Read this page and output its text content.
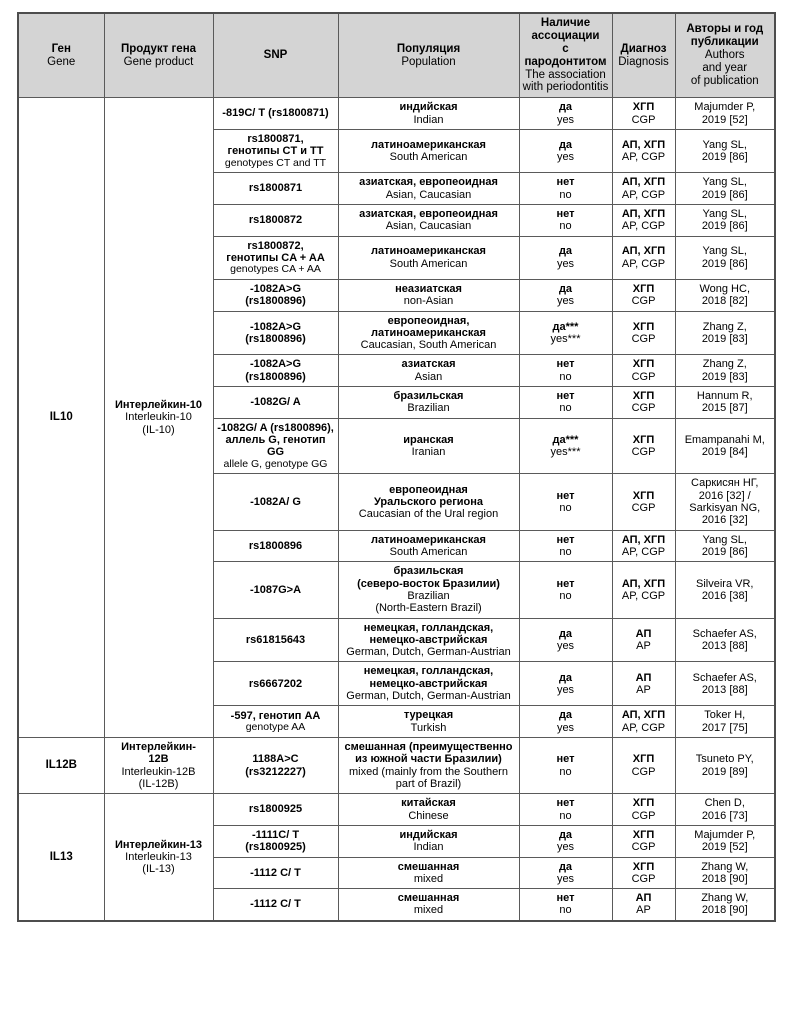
Ген
Gene	Продукт гена
Gene product	SNP	Популяция
Population	Наличие
ассоциации
с пародонтитом
The association
with periodontitis	Диагноз
Diagnosis	Авторы и год
публикации
Authors
and year
of publication

IL10	Интерлейкин-10
Interleukin-10
(IL-10)	-819C/ T (rs1800871)	индийская
Indian	да
yes	ХГП
CGP	Majumder P,
2019 [52]

		rs1800871,
генотипы CT и TT
genotypes CT and TT	латиноамериканская
South American	да
yes	АП, ХГП
AP, CGP	Yang SL,
2019 [86]

		rs1800871	азиатская, европеоидная
Asian, Caucasian	нет
no	АП, ХГП
AP, CGP	Yang SL,
2019 [86]

		rs1800872	азиатская, европеоидная
Asian, Caucasian	нет
no	АП, ХГП
AP, CGP	Yang SL,
2019 [86]

		rs1800872,
генотипы CA + AA
genotypes CA + AA	латиноамериканская
South American	да
yes	АП, ХГП
AP, CGP	Yang SL,
2019 [86]

		-1082A>G
(rs1800896)	неазиатская
non-Asian	да
yes	ХГП
CGP	Wong HC,
2018 [82]

		-1082A>G
(rs1800896)	европеоидная,
латиноамериканская
Caucasian, South American	да***
yes***	ХГП
CGP	Zhang Z,
2019 [83]

		-1082A>G
(rs1800896)	азиатская
Asian	нет
no	ХГП
CGP	Zhang Z,
2019 [83]

		-1082G/ A	бразильская
Brazilian	нет
no	ХГП
CGP	Hannum R,
2015 [87]

		-1082G/ A (rs1800896),
аллель G, генотип GG
allele G, genotype GG	иранская
Iranian	да***
yes***	ХГП
CGP	Emampanahi M,
2019 [84]

		-1082A/ G	европеоидная
Уральского региона
Caucasian of the Ural region	нет
no	ХГП
CGP	Саркисян НГ,
2016 [32] /
Sarkisyan NG,
2016 [32]

		rs1800896	латиноамериканская
South American	нет
no	АП, ХГП
AP, CGP	Yang SL,
2019 [86]

		-1087G>A	бразильская
(северо-восток Бразилии)
Brazilian
(North-Eastern Brazil)	нет
no	АП, ХГП
AP, CGP	Silveira VR,
2016 [38]

		rs61815643	немецкая, голландская,
немецко-австрийская
German, Dutch, German-Austrian	да
yes	АП
AP	Schaefer AS,
2013 [88]

		rs6667202	немецкая, голландская,
немецко-австрийская
German, Dutch, German-Austrian	да
yes	АП
AP	Schaefer AS,
2013 [88]

		-597, генотип AA
genotype AA	турецкая
Turkish	да
yes	АП, ХГП
AP, CGP	Toker H,
2017 [75]

IL12B	Интерлейкин-
12B
Interleukin-12B
(IL-12B)	1188A>C
(rs3212227)	смешанная (преимущественно
из южной части Бразилии)
mixed (mainly from the Southern
part of Brazil)	нет
no	ХГП
CGP	Tsuneto PY,
2019 [89]

IL13	Интерлейкин-13
Interleukin-13
(IL-13)	rs1800925	китайская
Chinese	нет
no	ХГП
CGP	Chen D,
2016 [73]

		-1111C/ T
(rs1800925)	индийская
Indian	да
yes	ХГП
CGP	Majumder P,
2019 [52]

		-1112 C/ T	смешанная
mixed	да
yes	ХГП
CGP	Zhang W,
2018 [90]

		-1112 C/ T	смешанная
mixed	нет
no	АП
AP	Zhang W,
2018 [90]
